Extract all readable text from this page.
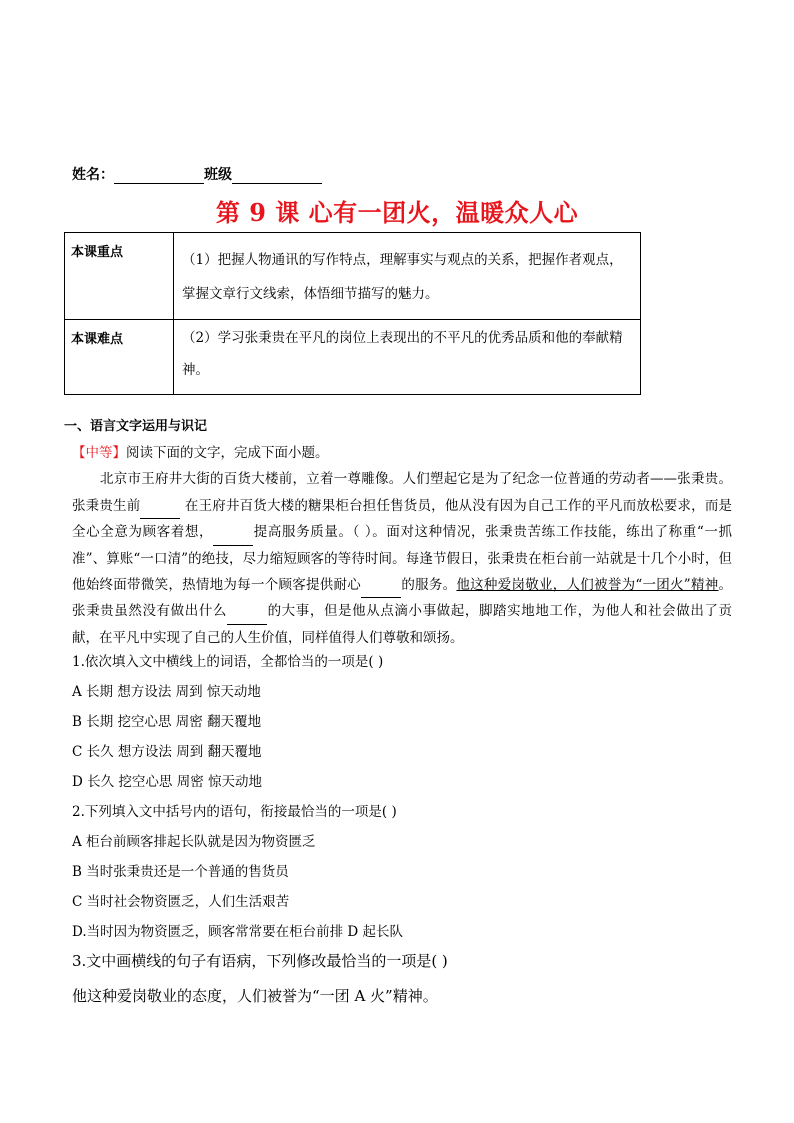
姓名：	班级
第 9 课 心有一团火，温暖众人心
本课重点	（1）把握人物通讯的写作特点，理解事实与观点的关系，把握作者观点，掌握文章行文线索，体悟细节描写的魅力。
本课难点	（2）学习张秉贵在平凡的岗位上表现出的不平凡的优秀品质和他的奉献精神。
一、语言文字运用与识记
【中等】阅读下面的文字，完成下面小题。
北京市王府井大街的百货大楼前，立着一尊雕像。人们塑起它是为了纪念一位普通的劳动者——张秉贵。张秉贵生前	在王府井百货大楼的糖果柜台担任售货员，他从没有因为自己工作的平凡而放松要求，而是全心全意为顾客着想，	提高服务质量。（ ）。面对这种情况，张秉贵苦练工作技能，练出了称重“一抓准”、算账“一口清”的绝技，尽力缩短顾客的等待时间。每逢节假日，张秉贵在柜台前一站就是十几个小时，但他始终面带微笑，热情地为每一个顾客提供耐心	的服务。他这种爱岗敬业，人们被誉为“一团火”精神。张秉贵虽然没有做出什么	的大事，但是他从点滴小事做起，脚踏实地地工作，为他人和社会做出了贡献，在平凡中实现了自己的人生价值，同样值得人们尊敬和颂扬。
1.依次填入文中横线上的词语，全都恰当的一项是( )
A 长期 想方设法 周到 惊天动地
B 长期 挖空心思 周密 翻天覆地
C 长久 想方设法 周到 翻天覆地
D 长久 挖空心思 周密 惊天动地
2.下列填入文中括号内的语句，衔接最恰当的一项是( )
A 柜台前顾客排起长队就是因为物资匮乏
B 当时张秉贵还是一个普通的售货员
C 当时社会物资匮乏，人们生活艰苦
D.当时因为物资匮乏，顾客常常要在柜台前排 D 起长队
3.文中画横线的句子有语病，下列修改最恰当的一项是( )
他这种爱岗敬业的态度，人们被誉为“一团 A 火”精神。
